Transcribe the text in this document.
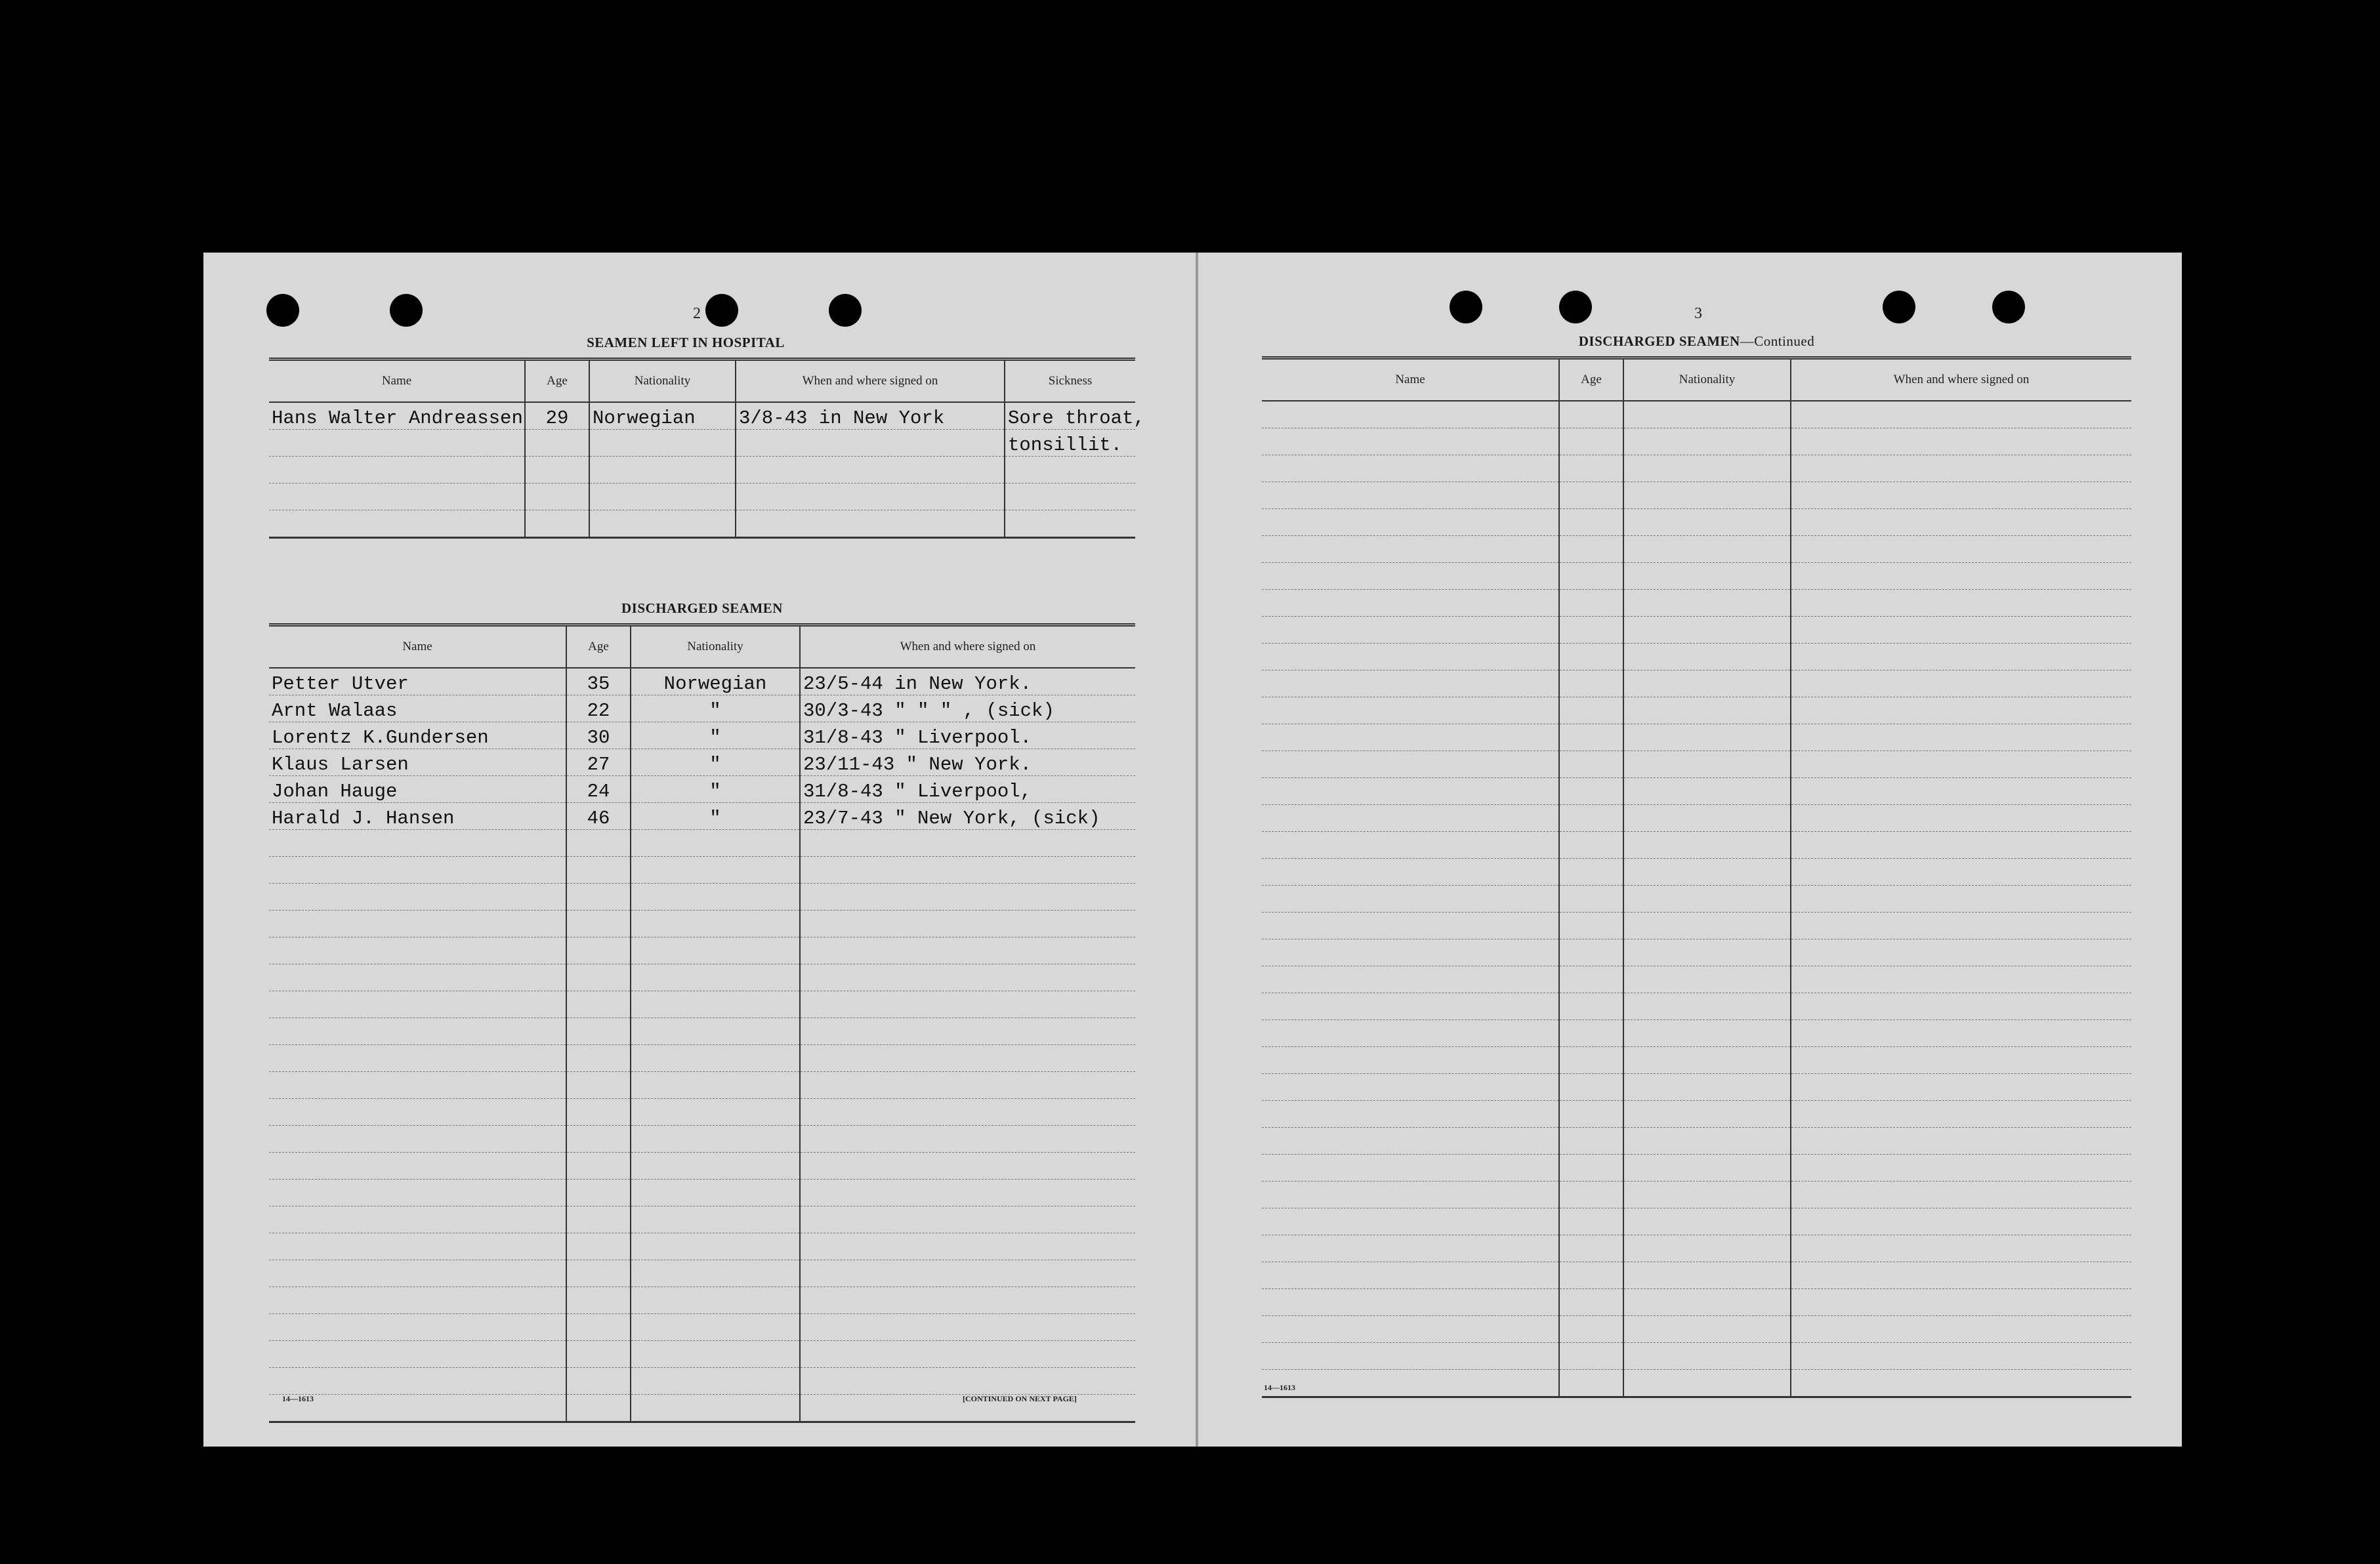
2
SEAMEN LEFT IN HOSPITAL
Name	Age	Nationality	When and where signed on	Sickness
Hans Walter Andreassen	29	Norwegian	3/8-43 in New York	Sore throat,
				tonsillit.

DISCHARGED SEAMEN
Name	Age	Nationality	When and where signed on
Petter Utver	35	Norwegian	23/5-44 in New York.
Arnt Walaas	22	"	30/3-43 " " " , (sick)
Lorentz K.Gundersen	30	"	31/8-43 " Liverpool.
Klaus Larsen	27	"	23/11-43 " New York.
Johan Hauge	24	"	31/8-43 " Liverpool,
Harald J. Hansen	46	"	23/7-43 " New York, (sick)

14—1613	[CONTINUED ON NEXT PAGE]
3
DISCHARGED SEAMEN—Continued
Name	Age	Nationality	When and where signed on

14—1613
